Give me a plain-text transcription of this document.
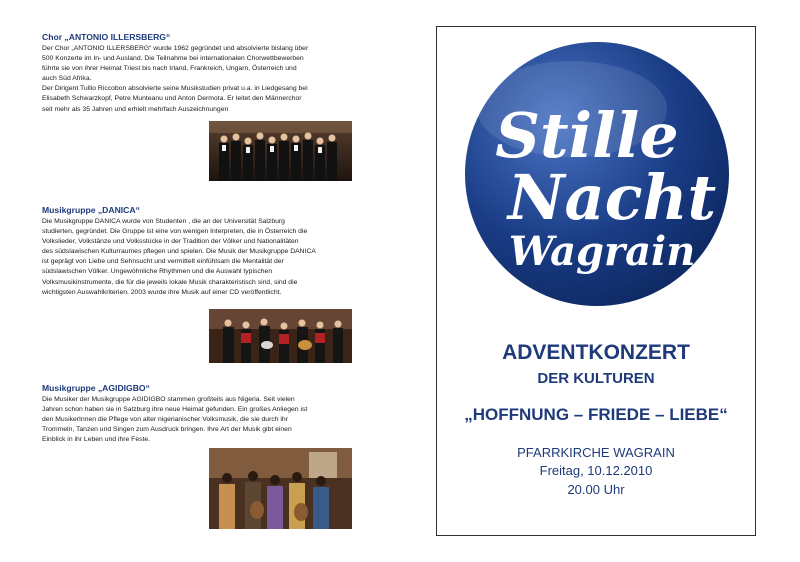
Chor „ANTONIO ILLERSBERG“

Der Chor „ANTONIO ILLERSBERG“ wurde 1962 gegründet und absolvierte bislang über
500 Konzerte im In- und Ausland. Die Teilnahme bei internationalen Chorwettbewerben
führte sie von ihrer Heimat Triest bis nach Irland, Frankreich, Ungarn, Österreich und
auch Süd Afrika.
Der Dirigent Tullio Riccobon absolvierte seine Musikstudien privat u.a. in Liedgesang bei
Elisabeth Schwarzkopf, Petre Munteanu und Anton Dermota. Er leitet den Männerchor
seit mehr als 35 Jahren und erhielt mehrfach Auszeichnungen

Musikgruppe „DANICA“

Die Musikgruppe DANICA wurde von Studenten , die an der Universität Salzburg
studierten, gegründet. Die Gruppe ist eine von wenigen Interpreten, die in Österreich die
Volkslieder, Volkstänze und Volksstücke in der Tradition der Völker und Nationalitäten
des südslawischen Kulturraumes pflegen und spielen. Die Musik der Musikgruppe DANICA
ist geprägt von Liebe und Sehnsucht und vermittelt einfühlsam die Mentalität der
südslawischen Völker. Ungewöhnliche Rhythmen und die Auswahl typischen
Volksmusikinstrumente, die für die jeweils lokale Musik charakteristisch sind, sind die
wichtigsten Auswahlkriterien. 2003 wurde ihre Musik auf einer CD veröffentlicht.

Musikgruppe „AGIDIGBO“

Die Musiker der Musikgruppe AGIDIGBO stammen großteils aus Nigeria. Seit vielen
Jahren schon haben sie in Salzburg ihre neue Heimat gefunden. Ein großes Anliegen ist
den MusikerInnen die Pflege von alter nigerianischer Volksmusik, die sie durch ihr
Trommeln, Tanzen und Singen zum Ausdruck bringen. Ihre Art der Musik gibt einen
Einblick in ihr Leben und ihre Feste.

Stille
Nacht
Wagrain
ADVENTKONZERT
DER KULTUREN
„HOFFNUNG – FRIEDE – LIEBE“
PFARRKIRCHE WAGRAIN
Freitag, 10.12.2010
20.00 Uhr
